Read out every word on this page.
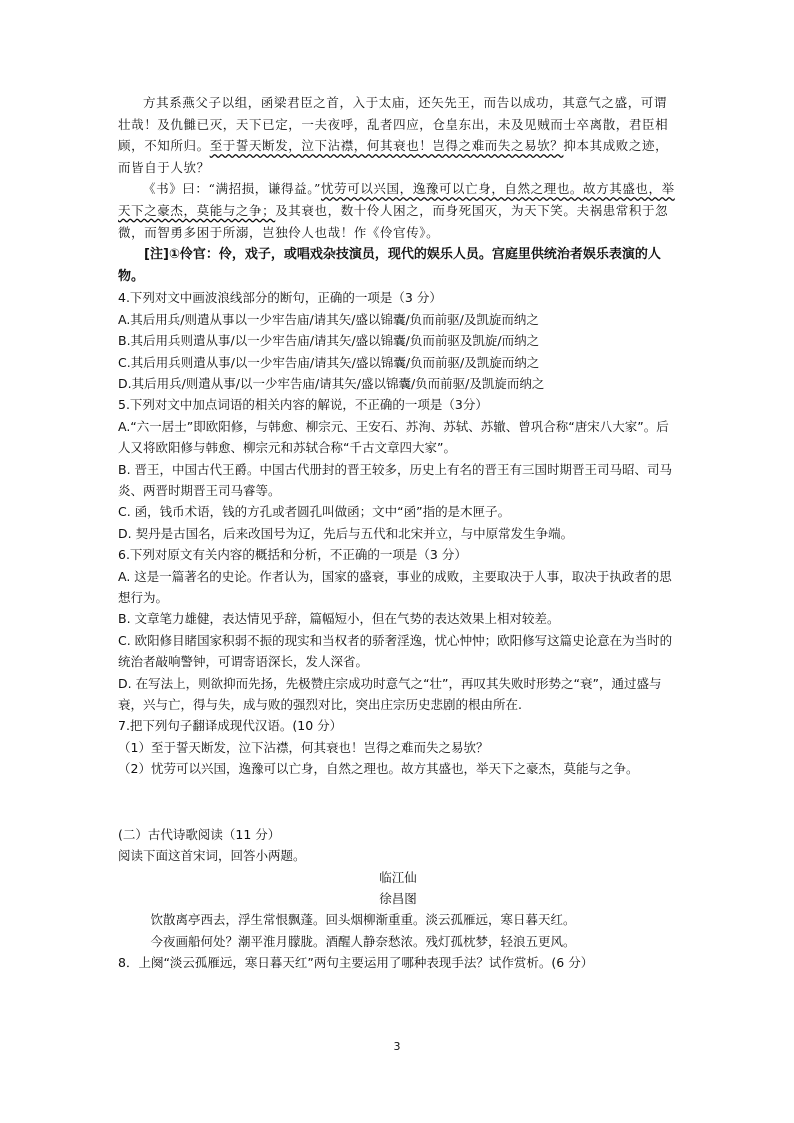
方其系燕父子以组，函梁君臣之首，入于太庙，还矢先王，而告以成功，其意气之盛，可谓壮哉！及仇雠已灭，天下已定，一夫夜呼，乱者四应，仓皇东出，未及见贼而士卒离散，君臣相顾，不知所归。至于誓天断发，泣下沾襟，何其衰也！岂得之难而失之易欤？抑本其成败之迹，而皆自于人欤？

《书》曰：“满招损，谦得益。”忧劳可以兴国，逸豫可以亡身，自然之理也。故方其盛也，举天下之豪杰，莫能与之争；及其衰也，数十伶人困之，而身死国灭，为天下笑。夫祸患常积于忽微，而智勇多困于所溺，岂独伶人也哉！作《伶官传》。

[注]①伶官：伶，戏子，或唱戏杂技演员，现代的娱乐人员。宫庭里供统治者娱乐表演的人物。

4.下列对文中画波浪线部分的断句，正确的一项是（3 分）

A.其后用兵/则遣从事以一少牢告庙/请其矢/盛以锦囊/负而前驱/及凯旋而纳之

B.其后用兵则遣从事/以一少牢告庙/请其矢/盛以锦囊/负而前驱及凯旋/而纳之

C.其后用兵则遣从事/以一少牢告庙/请其矢/盛以锦囊/负而前驱/及凯旋而纳之

D.其后用兵/则遣从事/以一少牢告庙/请其矢/盛以锦囊/负而前驱/及凯旋而纳之

5.下列对文中加点词语的相关内容的解说，不正确的一项是（3分）

A.“六一居士”即欧阳修，与韩愈、柳宗元、王安石、苏洵、苏轼、苏辙、曾巩合称“唐宋八大家”。后人又将欧阳修与韩愈、柳宗元和苏轼合称“千古文章四大家”。

B. 晋王，中国古代王爵。中国古代册封的晋王较多，历史上有名的晋王有三国时期晋王司马昭、司马炎、两晋时期晋王司马睿等。

C. 函，钱币术语，钱的方孔或者圆孔叫做函；文中“函”指的是木匣子。

D. 契丹是古国名，后来改国号为辽，先后与五代和北宋并立，与中原常发生争端。

6.下列对原文有关内容的概括和分析，不正确的一项是（3 分）

A. 这是一篇著名的史论。作者认为，国家的盛衰，事业的成败，主要取决于人事，取决于执政者的思想行为。

B. 文章笔力雄健，表达情见乎辞，篇幅短小，但在气势的表达效果上相对较差。

C. 欧阳修目睹国家积弱不振的现实和当权者的骄奢淫逸，忧心忡忡；欧阳修写这篇史论意在为当时的统治者敲响警钟，可谓寄语深长，发人深省。

D. 在写法上，则欲抑而先扬，先极赞庄宗成功时意气之“壮”，再叹其失败时形势之“衰”，通过盛与衰，兴与亡，得与失，成与败的强烈对比，突出庄宗历史悲剧的根由所在.

7.把下列句子翻译成现代汉语。(10 分）

（1）至于誓天断发，泣下沾襟，何其衰也！岂得之难而失之易欤？

（2）忧劳可以兴国，逸豫可以亡身，自然之理也。故方其盛也，举天下之豪杰，莫能与之争。

(二）古代诗歌阅读（11 分）

阅读下面这首宋词，回答小两题。

临江仙

徐昌图

饮散离亭西去，浮生常恨飘蓬。回头烟柳渐重重。淡云孤雁远，寒日暮天红。

今夜画船何处？潮平淮月朦胧。酒醒人静奈愁浓。残灯孤枕梦，轻浪五更风。

8．上阕“淡云孤雁远，寒日暮天红”两句主要运用了哪种表现手法？试作赏析。(6 分）

3
